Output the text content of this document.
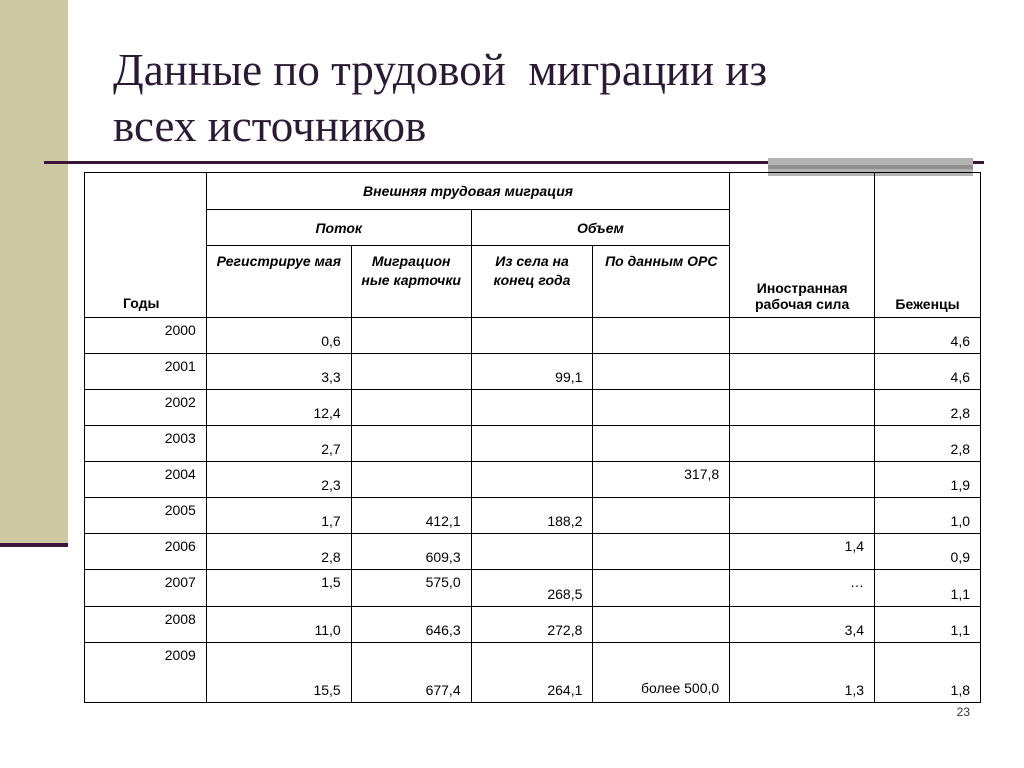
Данные по трудовой  миграции из
всех источников
Годы	Внешняя трудовая миграция				Иностранная рабочая сила	Беженцы
	Поток		Объем			
	Регистрируе мая	Миграцион ные карточки	Из села на конец года	По данным ОРС		
2000	0,6					4,6
2001	3,3		99,1			4,6
2002	12,4					2,8
2003	2,7					2,8
2004	2,3			317,8		1,9
2005	1,7	412,1	188,2			1,0
2006	2,8	609,3			1,4	0,9
2007	1,5	575,0	268,5		…	1,1
2008	11,0	646,3	272,8		3,4	1,1
2009	15,5	677,4	264,1	более 500,0	1,3	1,8
23
